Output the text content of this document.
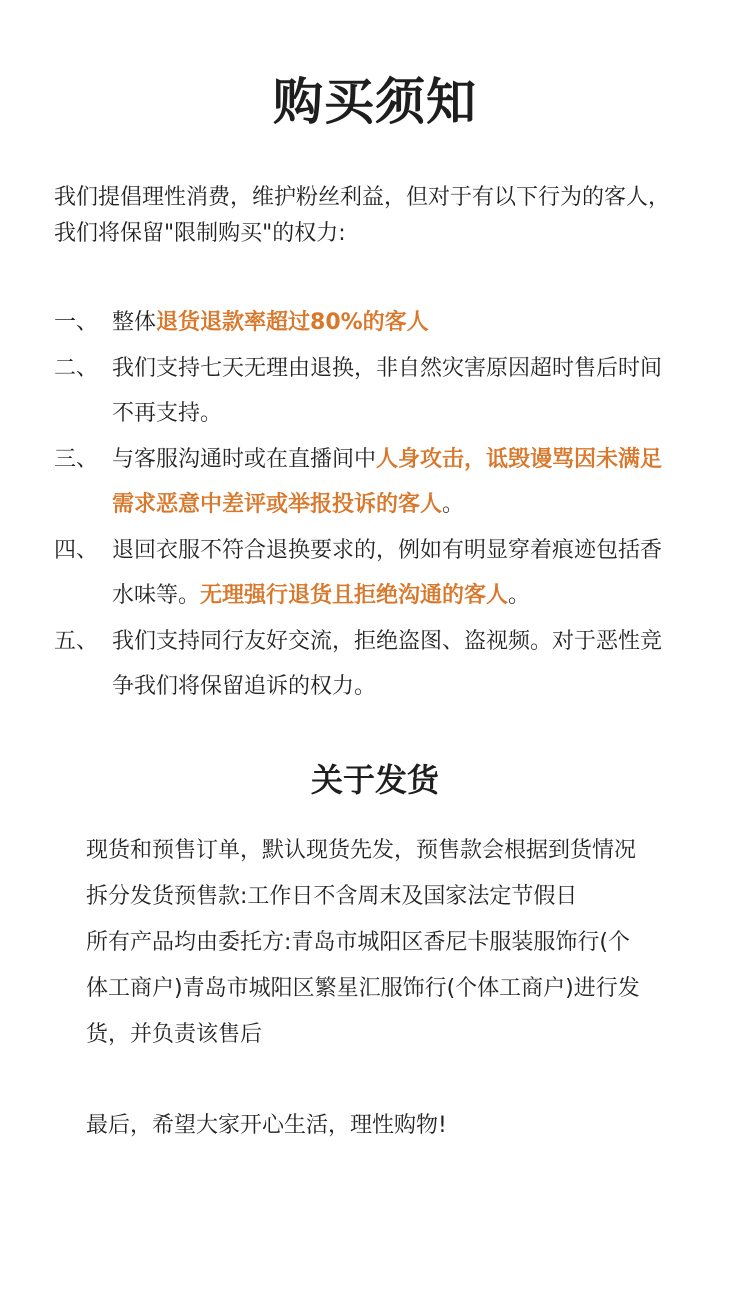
购买须知

我们提倡理性消费，维护粉丝利益，但对于有以下行为的客人，

我们将保留"限制购买"的权力:

一、 整体退货退款率超过80%的客人
二、 我们支持七天无理由退换，非自然灾害原因超时售后时间
不再支持。
三、 与客服沟通时或在直播间中人身攻击，诋毁谩骂因未满足
需求恶意中差评或举报投诉的客人。
四、 退回衣服不符合退换要求的，例如有明显穿着痕迹包括香
水味等。无理强行退货且拒绝沟通的客人。
五、 我们支持同行友好交流，拒绝盗图、盗视频。对于恶性竞
争我们将保留追诉的权力。
关于发货

现货和预售订单，默认现货先发，预售款会根据到货情况

拆分发货预售款:工作日不含周末及国家法定节假日

所有产品均由委托方:青岛市城阳区香尼卡服装服饰行(个

体工商户)青岛市城阳区繁星汇服饰行(个体工商户)进行发

货，并负责该售后

最后，希望大家开心生活，理性购物!
